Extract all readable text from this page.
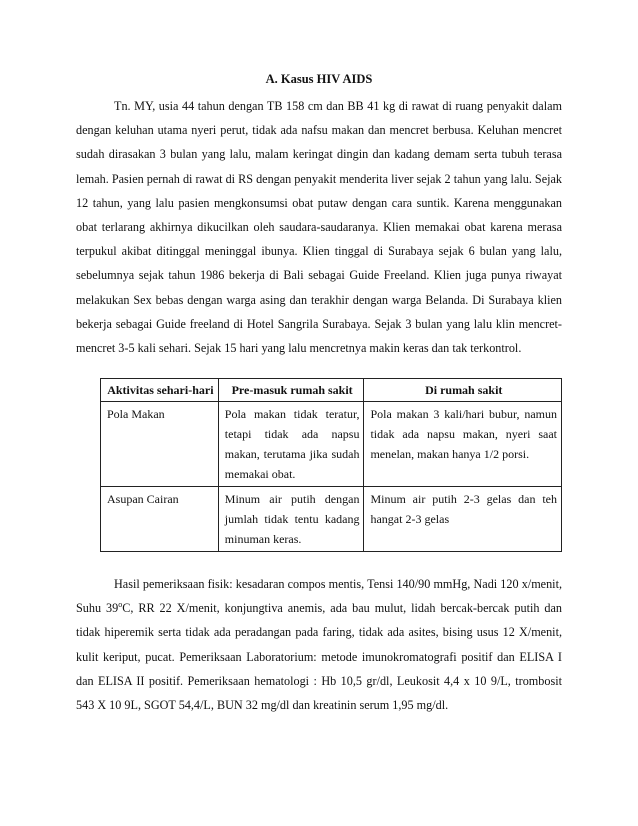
A. Kasus HIV AIDS

Tn. MY, usia 44 tahun dengan TB 158 cm dan BB 41 kg di rawat di ruang penyakit dalam dengan keluhan utama nyeri perut, tidak ada nafsu makan dan mencret berbusa. Keluhan mencret sudah dirasakan 3 bulan yang lalu, malam keringat dingin dan kadang demam serta tubuh terasa lemah. Pasien pernah di rawat di RS dengan penyakit menderita liver sejak 2 tahun yang lalu. Sejak 12 tahun, yang lalu pasien mengkonsumsi obat putaw dengan cara suntik. Karena menggunakan obat terlarang akhirnya dikucilkan oleh saudara-saudaranya. Klien memakai obat karena merasa terpukul akibat ditinggal meninggal ibunya. Klien tinggal di Surabaya sejak 6 bulan yang lalu, sebelumnya sejak tahun 1986 bekerja di Bali sebagai Guide Freeland. Klien juga punya riwayat melakukan Sex bebas dengan warga asing dan terakhir dengan warga Belanda. Di Surabaya klien bekerja sebagai Guide freeland di Hotel Sangrila Surabaya. Sejak 3 bulan yang lalu klin mencret-mencret 3-5 kali sehari. Sejak 15 hari yang lalu mencretnya makin keras dan tak terkontrol.

Aktivitas sehari-hari	Pre-masuk rumah sakit	Di rumah sakit
Pola Makan	Pola makan tidak teratur, tetapi tidak ada napsu makan, terutama jika sudah memakai obat.	Pola makan 3 kali/hari bubur, namun tidak ada napsu makan, nyeri saat menelan, makan hanya 1/2 porsi.
Asupan Cairan	Minum air putih dengan jumlah tidak tentu kadang minuman keras.	Minum air putih 2-3 gelas dan teh hangat 2-3 gelas

Hasil pemeriksaan fisik: kesadaran compos mentis, Tensi 140/90 mmHg, Nadi 120 x/menit, Suhu 39$^o$C, RR 22 X/menit, konjungtiva anemis, ada bau mulut, lidah bercak-bercak putih dan tidak hiperemik serta tidak ada peradangan pada faring, tidak ada asites, bising usus 12 X/menit, kulit keriput, pucat. Pemeriksaan Laboratorium: metode imunokromatografi positif dan ELISA I dan ELISA II positif. Pemeriksaan hematologi : Hb 10,5 gr/dl, Leukosit 4,4 x 10 9/L, trombosit 543 X 10 9L, SGOT 54,4/L, BUN 32 mg/dl dan kreatinin serum 1,95 mg/dl.
